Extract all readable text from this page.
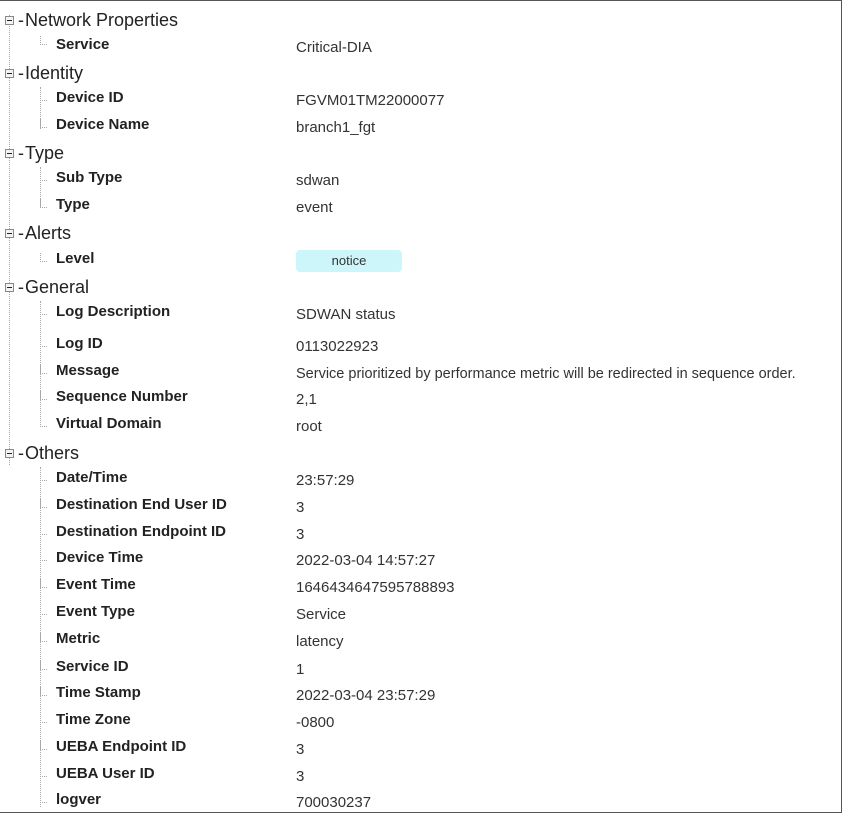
- Network Properties
Service	Critical-DIA
- Identity
Device ID	FGVM01TM22000077
Device Name	branch1_fgt
- Type
Sub Type	sdwan
Type	event
- Alerts
Level	notice
- General
Log Description	SDWAN status
Log ID	0113022923
Message	Service prioritized by performance metric will be redirected in sequence order.
Sequence Number	2,1
Virtual Domain	root
- Others
Date/Time	23:57:29
Destination End User ID	3
Destination Endpoint ID	3
Device Time	2022-03-04 14:57:27
Event Time	1646434647595788893
Event Type	Service
Metric	latency
Service ID	1
Time Stamp	2022-03-04 23:57:29
Time Zone	-0800
UEBA Endpoint ID	3
UEBA User ID	3
logver	700030237
